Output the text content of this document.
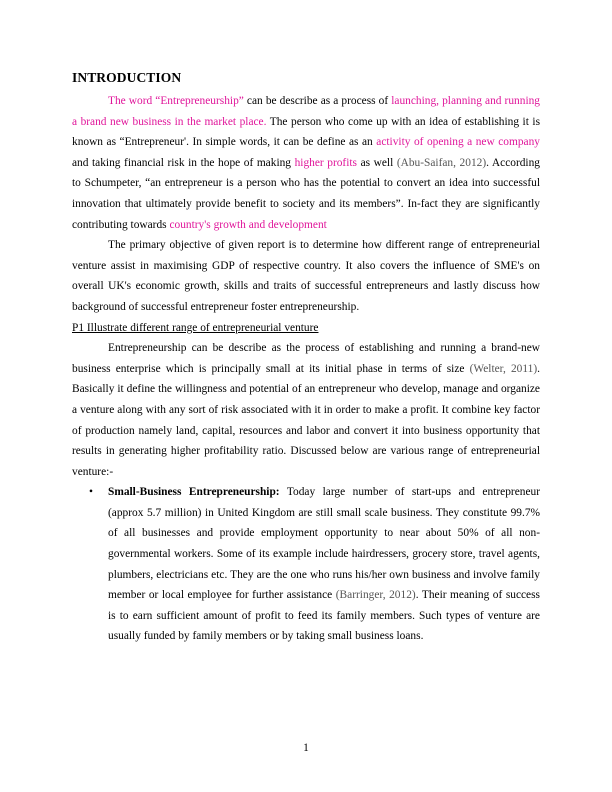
INTRODUCTION

The word “Entrepreneurship” can be describe as a process of launching, planning and running a brand new business in the market place. The person who come up with an idea of establishing it is known as “Entrepreneur'. In simple words, it can be define as an activity of opening a new company and taking financial risk in the hope of making higher profits as well (Abu-Saifan, 2012). According to Schumpeter, “an entrepreneur is a person who has the potential to convert an idea into successful innovation that ultimately provide benefit to society and its members”. In-fact they are significantly contributing towards country's growth and development

The primary objective of given report is to determine how different range of entrepreneurial venture assist in maximising GDP of respective country. It also covers the influence of SME's on overall UK's economic growth, skills and traits of successful entrepreneurs and lastly discuss how background of successful entrepreneur foster entrepreneurship.

P1 Illustrate different range of entrepreneurial venture

Entrepreneurship can be describe as the process of establishing and running a brand-new business enterprise which is principally small at its initial phase in terms of size (Welter, 2011). Basically it define the willingness and potential of an entrepreneur who develop, manage and organize a venture along with any sort of risk associated with it in order to make a profit. It combine key factor of production namely land, capital, resources and labor and convert it into business opportunity that results in generating higher profitability ratio. Discussed below are various range of entrepreneurial venture:-

• Small-Business Entrepreneurship: Today large number of start-ups and entrepreneur (approx 5.7 million) in United Kingdom are still small scale business. They constitute 99.7% of all businesses and provide employment opportunity to near about 50% of all non-governmental workers. Some of its example include hairdressers, grocery store, travel agents, plumbers, electricians etc. They are the one who runs his/her own business and involve family member or local employee for further assistance (Barringer, 2012). Their meaning of success is to earn sufficient amount of profit to feed its family members. Such types of venture are usually funded by family members or by taking small business loans.
1
